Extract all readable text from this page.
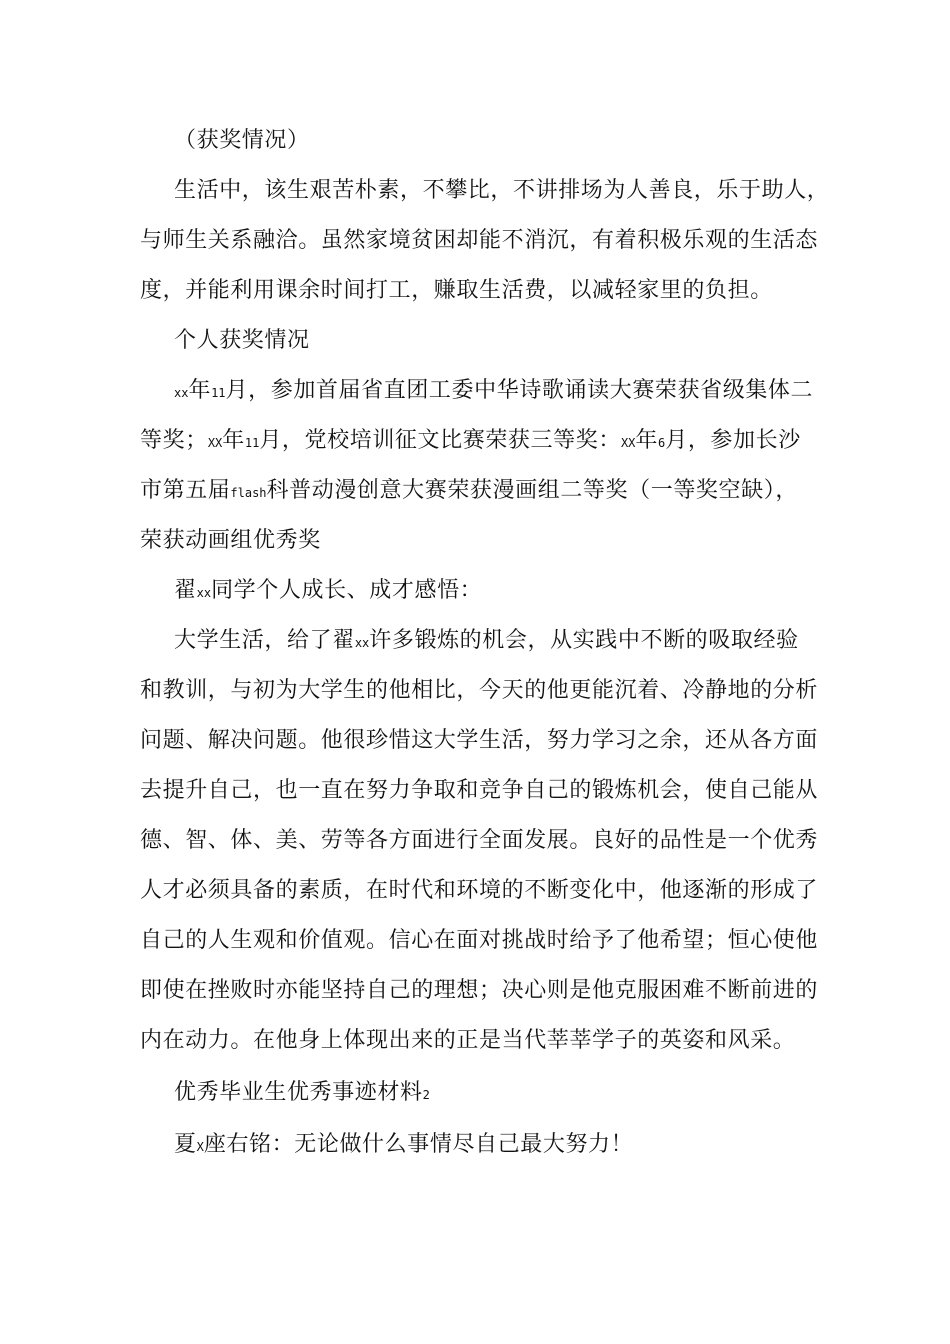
（获奖情况）
生活中，该生艰苦朴素，不攀比，不讲排场为人善良，乐于助人，
与师生关系融洽。虽然家境贫困却能不消沉，有着积极乐观的生活态
度，并能利用课余时间打工，赚取生活费，以减轻家里的负担。
个人获奖情况
xx年11月，参加首届省直团工委中华诗歌诵读大赛荣获省级集体二
等奖；XX年11月，党校培训征文比赛荣获三等奖：XX年6月，参加长沙
市第五届flash科普动漫创意大赛荣获漫画组二等奖（一等奖空缺），
荣获动画组优秀奖
翟xx同学个人成长、成才感悟：
大学生活，给了翟xx许多锻炼的机会，从实践中不断的吸取经验
和教训，与初为大学生的他相比，今天的他更能沉着、冷静地的分析
问题、解决问题。他很珍惜这大学生活，努力学习之余，还从各方面
去提升自己，也一直在努力争取和竞争自己的锻炼机会，使自己能从
德、智、体、美、劳等各方面进行全面发展。良好的品性是一个优秀
人才必须具备的素质，在时代和环境的不断变化中，他逐渐的形成了
自己的人生观和价值观。信心在面对挑战时给予了他希望；恒心使他
即使在挫败时亦能坚持自己的理想；决心则是他克服困难不断前进的
内在动力。在他身上体现出来的正是当代莘莘学子的英姿和风采。
优秀毕业生优秀事迹材料2
夏X座右铭：无论做什么事情尽自己最大努力！
